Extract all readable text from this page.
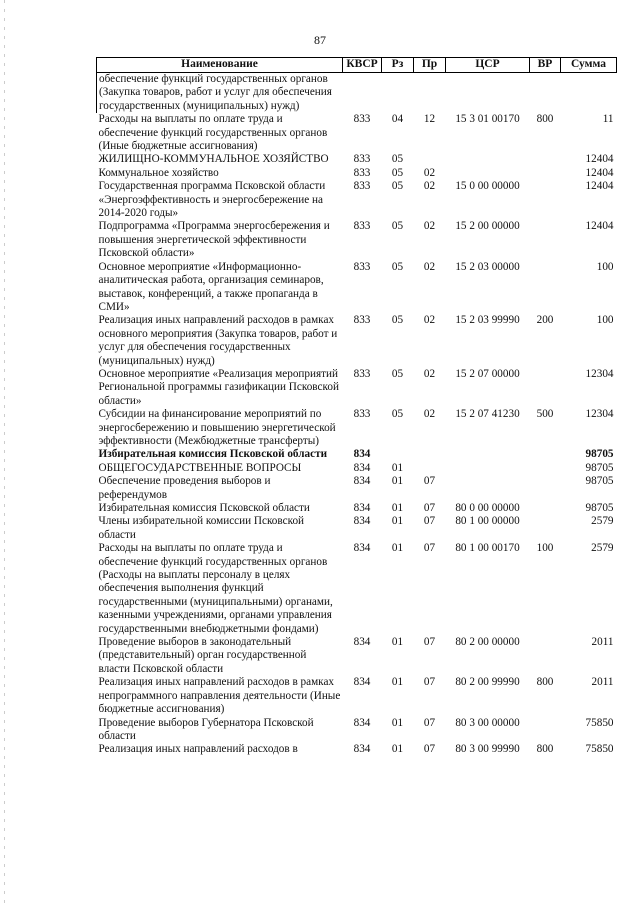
87
Наименование	КВСР	Рз	Пр	ЦСР	ВР	Сумма
обеспечение функций государственных органов (Закупка товаров, работ и услуг для обеспечения государственных (муниципальных) нужд)						
Расходы на выплаты по оплате труда и обеспечение функций государственных органов (Иные бюджетные ассигнования)	833	04	12	15 3 01 00170	800	11
ЖИЛИЩНО-КОММУНАЛЬНОЕ ХОЗЯЙСТВО	833	05				12404
Коммунальное хозяйство	833	05	02			12404
Государственная программа Псковской области «Энергоэффективность и энергосбережение на 2014-2020 годы»	833	05	02	15 0 00 00000		12404
Подпрограмма «Программа энергосбережения и повышения энергетической эффективности Псковской области»	833	05	02	15 2 00 00000		12404
Основное мероприятие «Информационно-аналитическая работа, организация семинаров, выставок, конференций, а также пропаганда в СМИ»	833	05	02	15 2 03 00000		100
Реализация иных направлений расходов в рамках основного мероприятия (Закупка товаров, работ и услуг для обеспечения государственных (муниципальных) нужд)	833	05	02	15 2 03 99990	200	100
Основное мероприятие «Реализация мероприятий Региональной программы газификации Псковской области»	833	05	02	15 2 07 00000		12304
Субсидии на финансирование мероприятий по энергосбережению и повышению энергетической эффективности (Межбюджетные трансферты)	833	05	02	15 2 07 41230	500	12304
Избирательная комиссия Псковской области	834					98705
ОБЩЕГОСУДАРСТВЕННЫЕ ВОПРОСЫ	834	01				98705
Обеспечение проведения выборов и референдумов	834	01	07			98705
Избирательная комиссия Псковской области	834	01	07	80 0 00 00000		98705
Члены избирательной комиссии Псковской области	834	01	07	80 1 00 00000		2579
Расходы на выплаты по оплате труда и обеспечение функций государственных органов (Расходы на выплаты персоналу в целях обеспечения выполнения функций государственными (муниципальными) органами, казенными учреждениями, органами управления государственными внебюджетными фондами)	834	01	07	80 1 00 00170	100	2579
Проведение выборов в законодательный (представительный) орган государственной власти Псковской области	834	01	07	80 2 00 00000		2011
Реализация иных направлений расходов в рамках непрограммного направления деятельности (Иные бюджетные ассигнования)	834	01	07	80 2 00 99990	800	2011
Проведение выборов Губернатора Псковской области	834	01	07	80 3 00 00000		75850
Реализация иных направлений расходов в	834	01	07	80 3 00 99990	800	75850
